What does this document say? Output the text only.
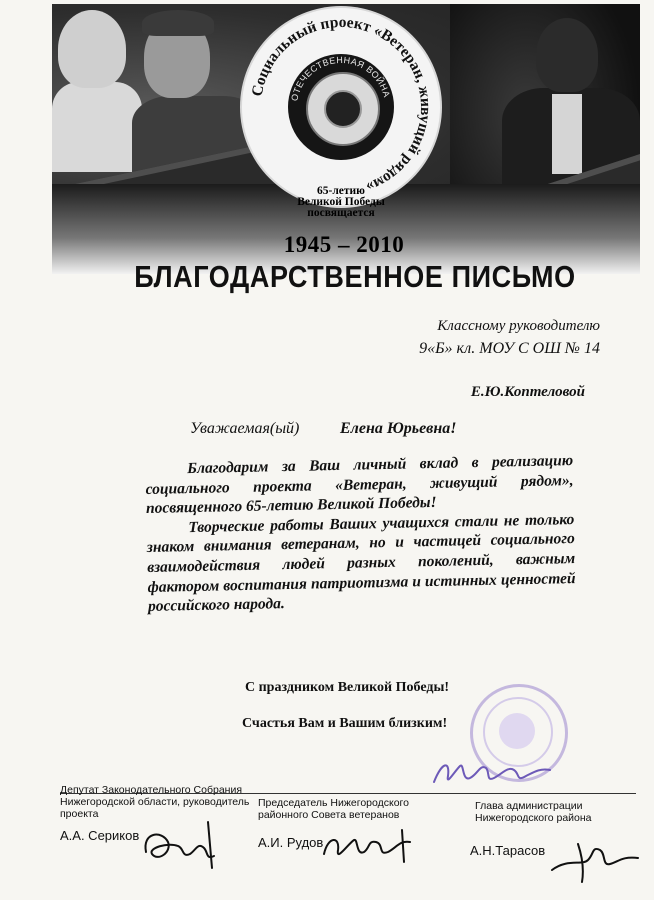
Социальный проект «Ветеран, живущий рядом»
ОТЕЧЕСТВЕННАЯ ВОЙНА
65-летию
Великой Победы
посвящается
1945 – 2010
БЛАГОДАРСТВЕННОЕ ПИСЬМО
Классному руководителю
9«Б» кл. МОУ С ОШ № 14
Е.Ю.Коптеловой
Уважаемая(ый)	Елена Юрьевна!

Благодарим за Ваш личный вклад в реализацию социального проекта «Ветеран, живущий рядом», посвященного 65-летию Великой Победы!

Творческие работы Ваших учащихся стали не только знаком внимания ветеранам, но и частицей социального взаимодействия людей разных поколений, важным фактором воспитания патриотизма и истинных ценностей российского народа.

С праздником Великой Победы!
Счастья Вам и Вашим близким!
Депутат Законодательного Собрания Нижегородской области, руководитель проекта
Председатель Нижегородского районного Совета ветеранов
Глава администрации Нижегородского района
А.А. Сериков	А.И. Рудов
А.Н.Тарасов
